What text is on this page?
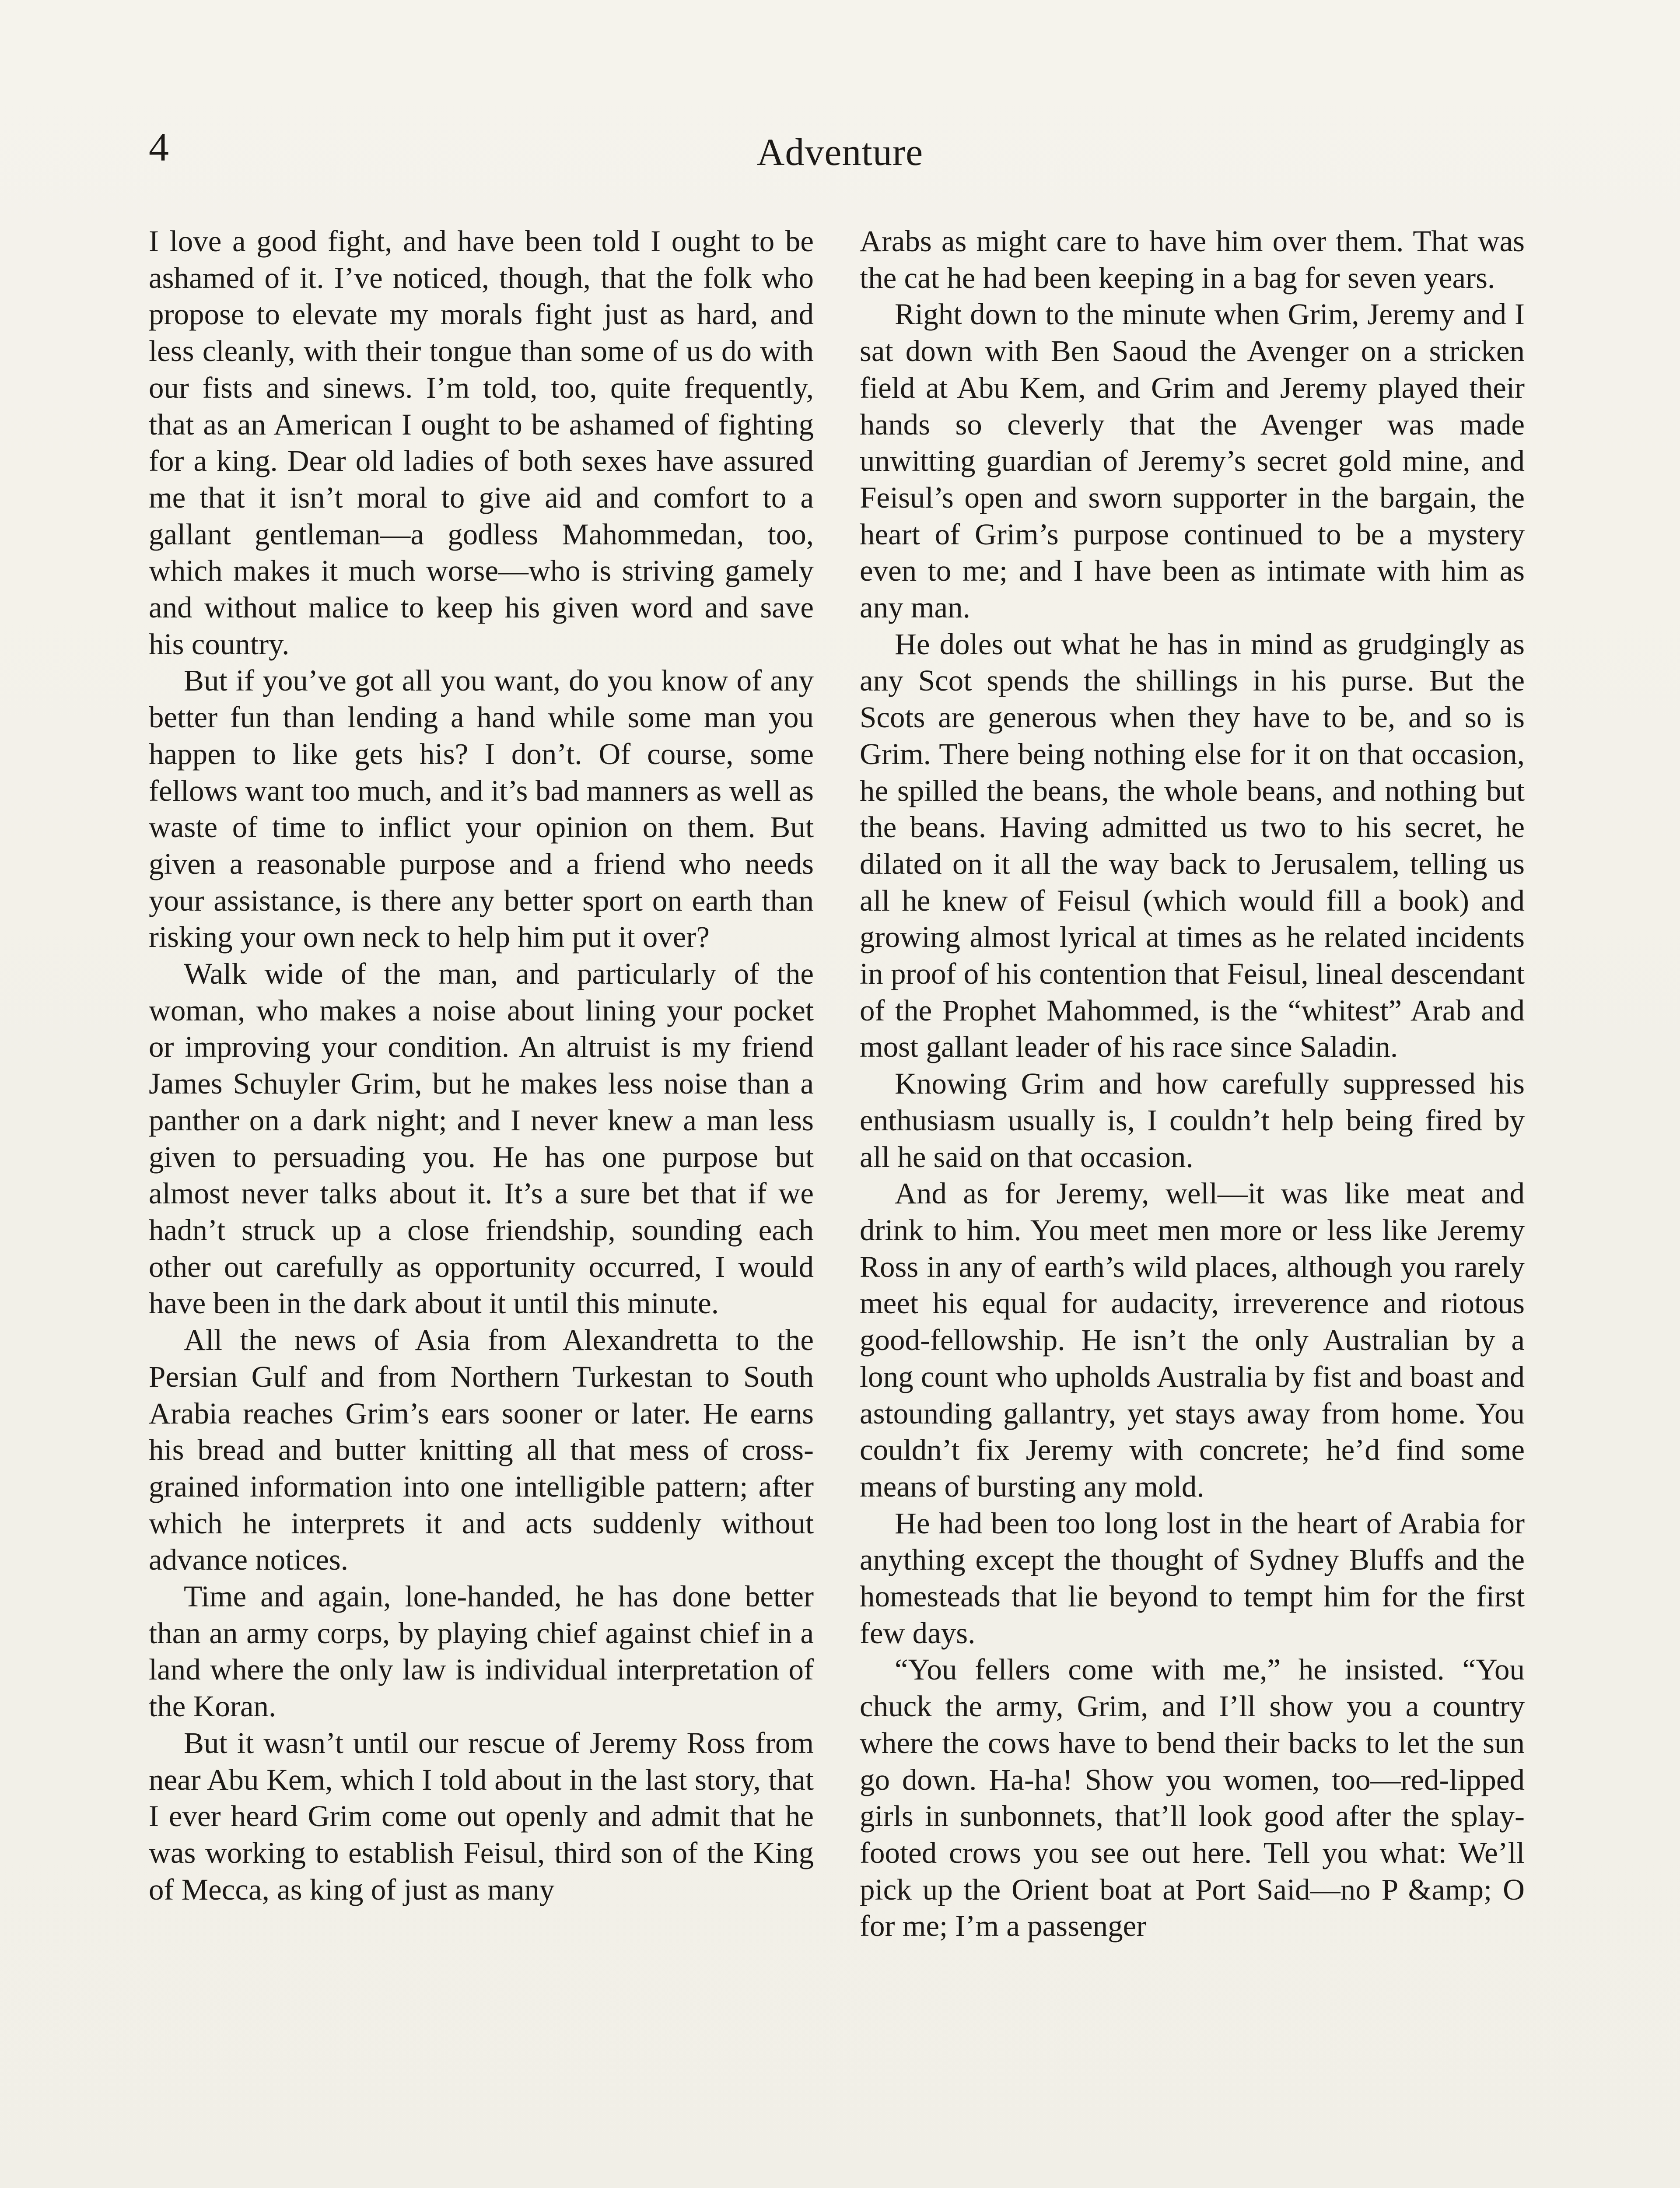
4	Adventure

I love a good fight, and have been told I ought to be ashamed of it. I’ve noticed, though, that the folk who propose to elevate my morals fight just as hard, and less cleanly, with their tongue than some of us do with our fists and sinews. I’m told, too, quite frequently, that as an American I ought to be ashamed of fighting for a king. Dear old ladies of both sexes have assured me that it isn’t moral to give aid and comfort to a gallant gentleman—a godless Mahommedan, too, which makes it much worse—who is striving gamely and without malice to keep his given word and save his country.

But if you’ve got all you want, do you know of any better fun than lending a hand while some man you happen to like gets his? I don’t. Of course, some fellows want too much, and it’s bad manners as well as waste of time to inflict your opinion on them. But given a reasonable purpose and a friend who needs your assistance, is there any better sport on earth than risking your own neck to help him put it over?

Walk wide of the man, and particularly of the woman, who makes a noise about lining your pocket or improving your condition. An altruist is my friend James Schuyler Grim, but he makes less noise than a panther on a dark night; and I never knew a man less given to persuading you. He has one purpose but almost never talks about it. It’s a sure bet that if we hadn’t struck up a close friendship, sounding each other out carefully as opportunity occurred, I would have been in the dark about it until this minute.

All the news of Asia from Alexandretta to the Persian Gulf and from Northern Turkestan to South Arabia reaches Grim’s ears sooner or later. He earns his bread and butter knitting all that mess of cross-grained information into one intelligible pattern; after which he interprets it and acts suddenly without advance notices.

Time and again, lone-handed, he has done better than an army corps, by playing chief against chief in a land where the only law is individual interpretation of the Koran.

But it wasn’t until our rescue of Jeremy Ross from near Abu Kem, which I told about in the last story, that I ever heard Grim come out openly and admit that he was working to establish Feisul, third son of the King of Mecca, as king of just as many

Arabs as might care to have him over them. That was the cat he had been keeping in a bag for seven years.

Right down to the minute when Grim, Jeremy and I sat down with Ben Saoud the Avenger on a stricken field at Abu Kem, and Grim and Jeremy played their hands so cleverly that the Avenger was made unwitting guardian of Jeremy’s secret gold mine, and Feisul’s open and sworn supporter in the bargain, the heart of Grim’s purpose continued to be a mystery even to me; and I have been as intimate with him as any man.

He doles out what he has in mind as grudgingly as any Scot spends the shillings in his purse. But the Scots are generous when they have to be, and so is Grim. There being nothing else for it on that occasion, he spilled the beans, the whole beans, and nothing but the beans. Having admitted us two to his secret, he dilated on it all the way back to Jerusalem, telling us all he knew of Feisul (which would fill a book) and growing almost lyrical at times as he related incidents in proof of his contention that Feisul, lineal descendant of the Prophet Mahommed, is the “whitest” Arab and most gallant leader of his race since Saladin.

Knowing Grim and how carefully suppressed his enthusiasm usually is, I couldn’t help being fired by all he said on that occasion.

And as for Jeremy, well—it was like meat and drink to him. You meet men more or less like Jeremy Ross in any of earth’s wild places, although you rarely meet his equal for audacity, irreverence and riotous good-fellowship. He isn’t the only Australian by a long count who upholds Australia by fist and boast and astounding gallantry, yet stays away from home. You couldn’t fix Jeremy with concrete; he’d find some means of bursting any mold.

He had been too long lost in the heart of Arabia for anything except the thought of Sydney Bluffs and the homesteads that lie beyond to tempt him for the first few days.

“You fellers come with me,” he insisted. “You chuck the army, Grim, and I’ll show you a country where the cows have to bend their backs to let the sun go down. Ha-ha! Show you women, too—red-lipped girls in sunbonnets, that’ll look good after the splay-footed crows you see out here. Tell you what: We’ll pick up the Orient boat at Port Said—no P &amp; O for me; I’m a passenger
